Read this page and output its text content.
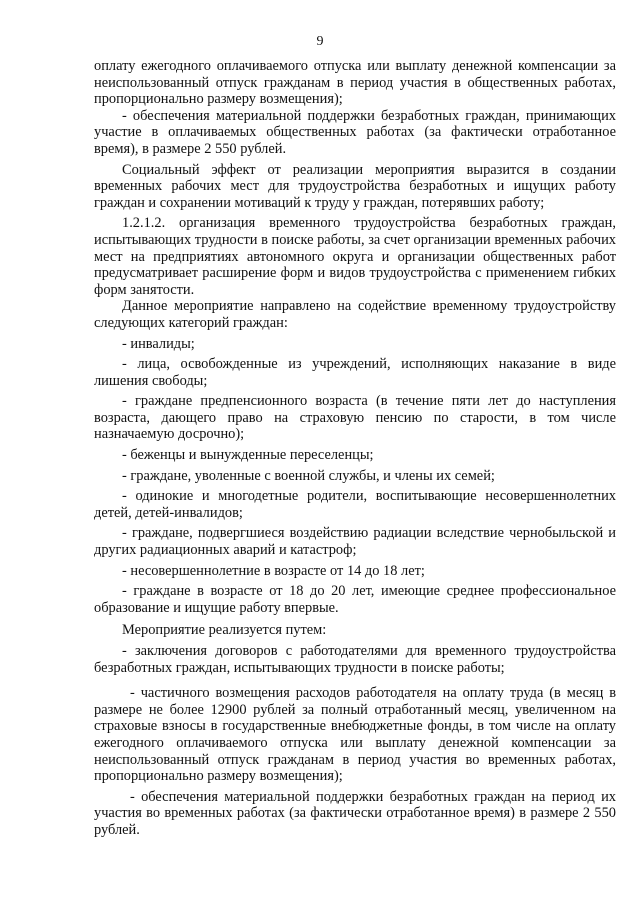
9

оплату ежегодного оплачиваемого отпуска или выплату денежной компенсации за неиспользованный отпуск гражданам в период участия в общественных работах, пропорционально размеру возмещения);

- обеспечения материальной поддержки безработных граждан, принимающих участие в оплачиваемых общественных работах (за фактически отработанное время), в размере 2 550 рублей.

Социальный эффект от реализации мероприятия выразится в создании временных рабочих мест для трудоустройства безработных и ищущих работу граждан и сохранении мотиваций к труду у граждан, потерявших работу;

1.2.1.2. организация временного трудоустройства безработных граждан, испытывающих трудности в поиске работы, за счет организации временных рабочих мест на предприятиях автономного округа и организации общественных работ предусматривает расширение форм и видов трудоустройства с применением гибких форм занятости.

Данное мероприятие направлено на содействие временному трудоустройству следующих категорий граждан:

- инвалиды;

- лица, освобожденные из учреждений, исполняющих наказание в виде лишения свободы;

- граждане предпенсионного возраста (в течение пяти лет до наступления возраста, дающего право на страховую пенсию по старости, в том числе назначаемую досрочно);

- беженцы и вынужденные переселенцы;

- граждане, уволенные с военной службы, и члены их семей;

- одинокие и многодетные родители, воспитывающие несовершеннолетних детей, детей-инвалидов;

- граждане, подвергшиеся воздействию радиации вследствие чернобыльской и других радиационных аварий и катастроф;

- несовершеннолетние в возрасте от 14 до 18 лет;

- граждане в возрасте от 18 до 20 лет, имеющие среднее профессиональное образование и ищущие работу впервые.

Мероприятие реализуется путем:

- заключения договоров с работодателями для временного трудоустройства безработных граждан, испытывающих трудности в поиске работы;

- частичного возмещения расходов работодателя на оплату труда (в месяц в размере не более 12900 рублей за полный отработанный месяц, увеличенном на страховые взносы в государственные внебюджетные фонды, в том числе на оплату ежегодного оплачиваемого отпуска или выплату денежной компенсации за неиспользованный отпуск гражданам в период участия во временных работах, пропорционально размеру возмещения);

- обеспечения материальной поддержки безработных граждан на период их участия во временных работах (за фактически отработанное время) в размере 2 550 рублей.
